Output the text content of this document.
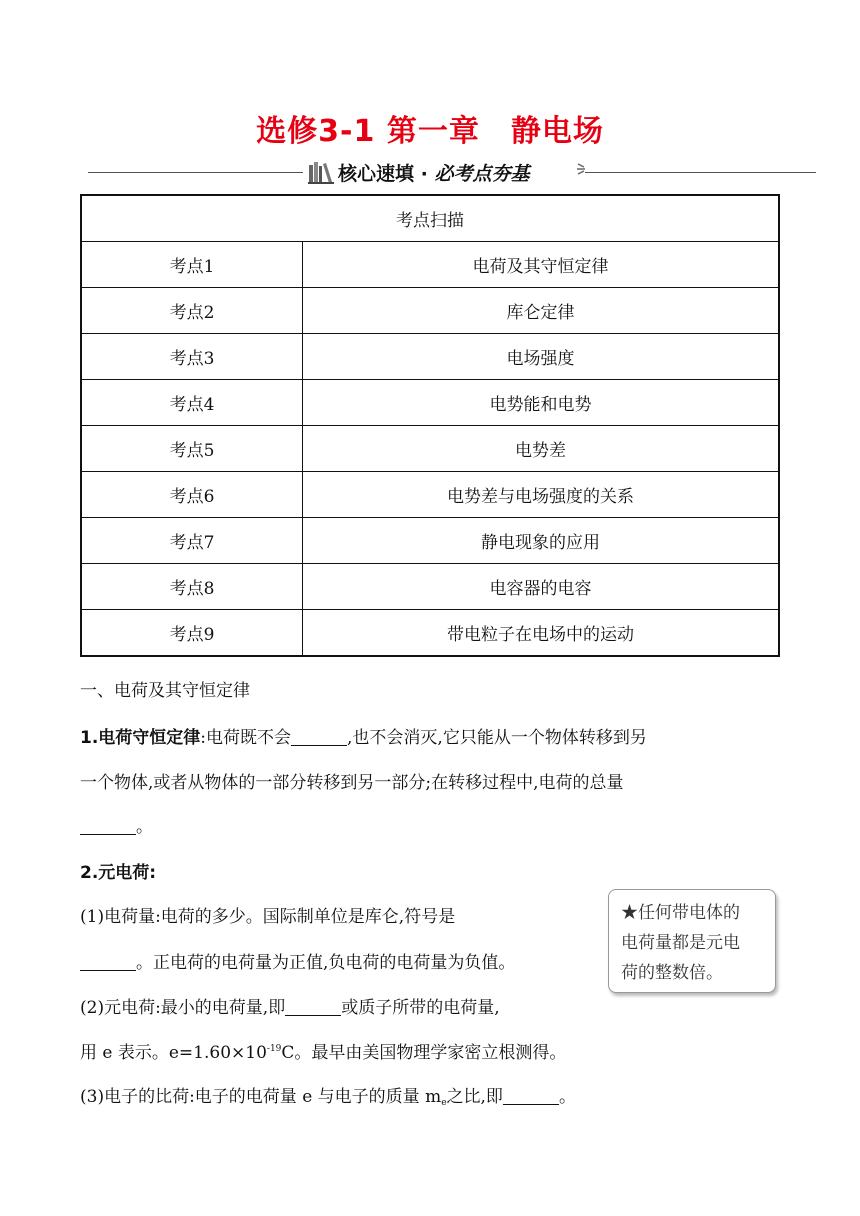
选修3-1 第一章　静电场
核心速填 · 必考点夯基
考点扫描	
考点1	电荷及其守恒定律
考点2	库仑定律
考点3	电场强度
考点4	电势能和电势
考点5	电势差
考点6	电势差与电场强度的关系
考点7	静电现象的应用
考点8	电容器的电容
考点9	带电粒子在电场中的运动
一、电荷及其守恒定律
1.电荷守恒定律:电荷既不会	,也不会消灭,它只能从一个物体转移到另
一个物体,或者从物体的一部分转移到另一部分;在转移过程中,电荷的总量
。
2.元电荷:
(1)电荷量:电荷的多少。国际制单位是库仑,符号是
。正电荷的电荷量为正值,负电荷的电荷量为负值。
(2)元电荷:最小的电荷量,即	或质子所带的电荷量,
用 e 表示。$e=1.60\times 10^{-19}C$。最早由美国物理学家密立根测得。
(3)电子的比荷:电子的电荷量 e 与电子的质量 $m_e$之比,即	。
★任何带电体的
电荷量都是元电
荷的整数倍。
